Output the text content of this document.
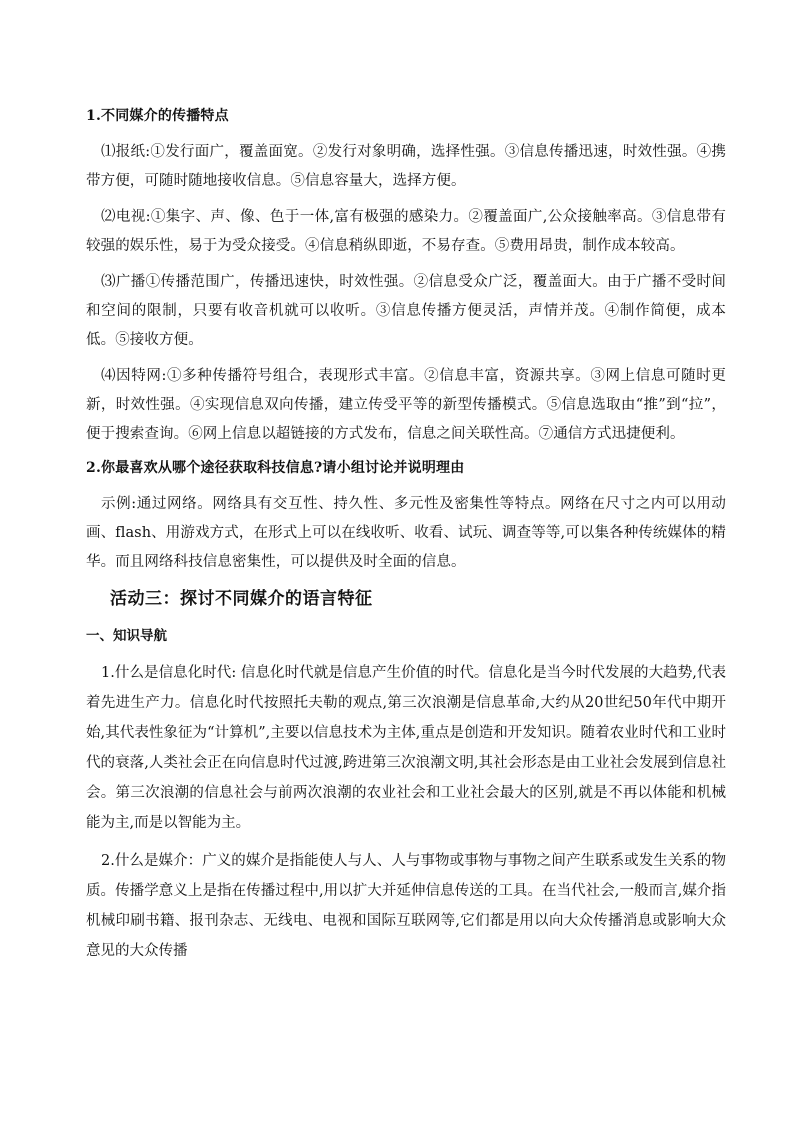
1.不同媒介的传播特点

⑴报纸:①发行面广，覆盖面宽。②发行对象明确，选择性强。③信息传播迅速，时效性强。④携带方便，可随时随地接收信息。⑤信息容量大，选择方便。

⑵电视:①集字、声、像、色于一体,富有极强的感染力。②覆盖面广,公众接触率高。③信息带有较强的娱乐性，易于为受众接受。④信息稍纵即逝，不易存查。⑤费用昂贵，制作成本较高。

⑶广播①传播范围广，传播迅速快，时效性强。②信息受众广泛，覆盖面大。由于广播不受时间和空间的限制，只要有收音机就可以收听。③信息传播方便灵活，声情并茂。④制作简便，成本低。⑤接收方便。

⑷因特网:①多种传播符号组合，表现形式丰富。②信息丰富，资源共享。③网上信息可随时更新，时效性强。④实现信息双向传播，建立传受平等的新型传播模式。⑤信息选取由“推”到“拉”，便于搜索查询。⑥网上信息以超链接的方式发布，信息之间关联性高。⑦通信方式迅捷便利。

2.你最喜欢从哪个途径获取科技信息?请小组讨论并说明理由

示例:通过网络。网络具有交互性、持久性、多元性及密集性等特点。网络在尺寸之内可以用动画、flash、用游戏方式，在形式上可以在线收听、收看、试玩、调查等等,可以集各种传统媒体的精华。而且网络科技信息密集性，可以提供及时全面的信息。

活动三：探讨不同媒介的语言特征
一、知识导航

1.什么是信息化时代: 信息化时代就是信息产生价值的时代。信息化是当今时代发展的大趋势,代表着先进生产力。信息化时代按照托夫勒的观点,第三次浪潮是信息革命,大约从20世纪50年代中期开始,其代表性象征为“计算机”,主要以信息技术为主体,重点是创造和开发知识。随着农业时代和工业时代的衰落,人类社会正在向信息时代过渡,跨进第三次浪潮文明,其社会形态是由工业社会发展到信息社会。第三次浪潮的信息社会与前两次浪潮的农业社会和工业社会最大的区别,就是不再以体能和机械能为主,而是以智能为主。

2.什么是媒介：广义的媒介是指能使人与人、人与事物或事物与事物之间产生联系或发生关系的物质。传播学意义上是指在传播过程中,用以扩大并延伸信息传送的工具。在当代社会,一般而言,媒介指机械印刷书籍、报刊杂志、无线电、电视和国际互联网等,它们都是用以向大众传播消息或影响大众意见的大众传播
